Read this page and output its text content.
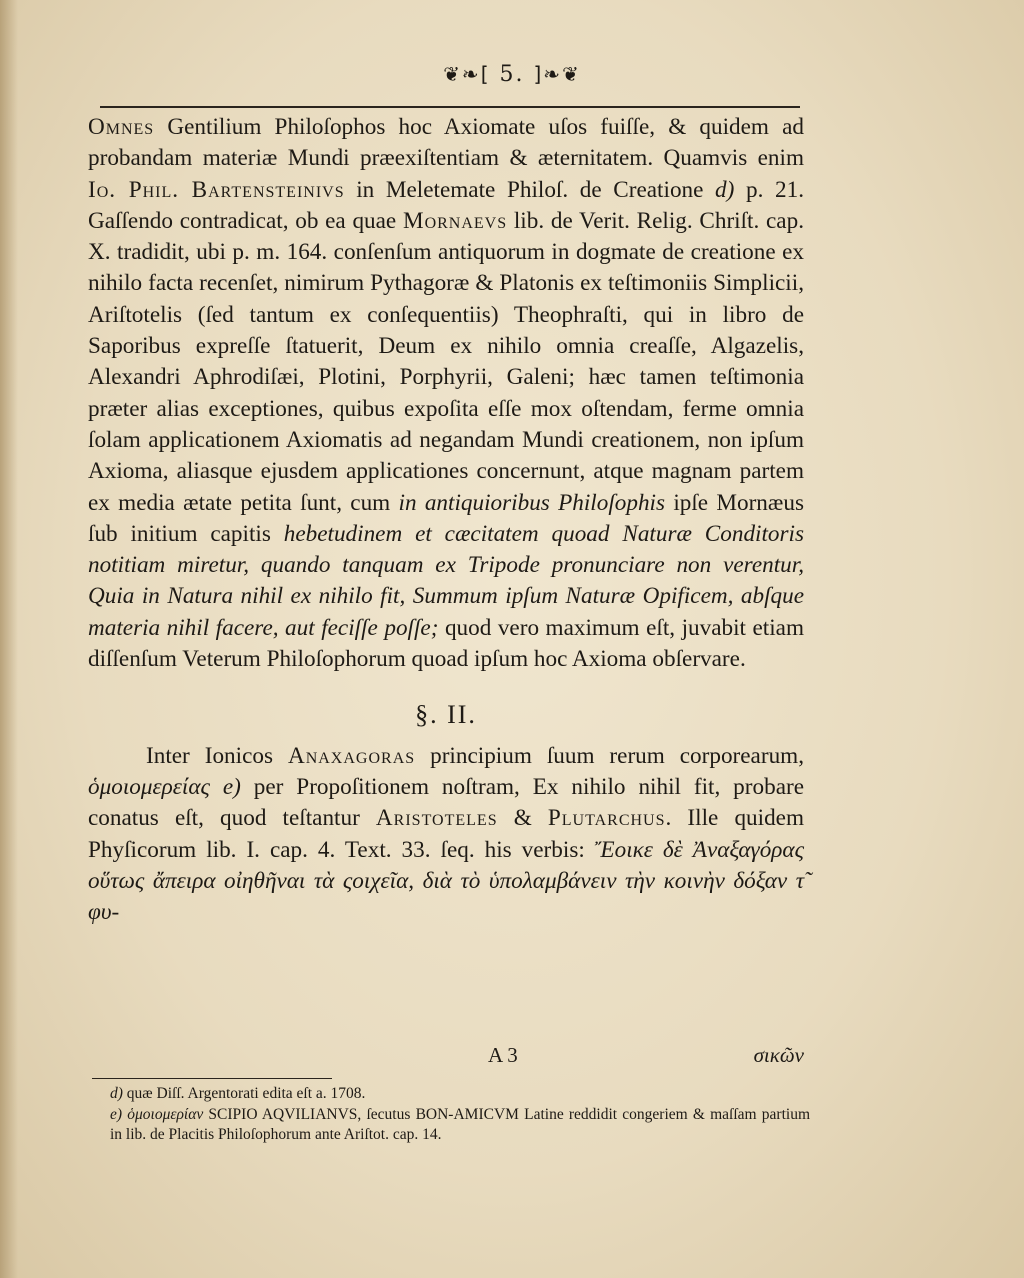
❦❧[ 5. ]❧❦

Omnes Gentilium Philoſophos hoc Axiomate uſos fuiſſe, & quidem ad probandam materiæ Mundi præexiſtentiam & æternitatem. Quamvis enim Io. Phil. Bartensteinivs in Meletemate Philoſ. de Creatione d) p. 21. Gaſſendo contradicat, ob ea quae Mornaevs lib. de Verit. Relig. Chriſt. cap. X. tradidit, ubi p. m. 164. conſenſum antiquorum in dogmate de creatione ex nihilo facta recenſet, nimirum Pythagoræ & Platonis ex teſtimoniis Simplicii, Ariſtotelis (ſed tantum ex conſequentiis) Theophraſti, qui in libro de Saporibus expreſſe ſtatuerit, Deum ex nihilo omnia creaſſe, Algazelis, Alexandri Aphrodiſæi, Plotini, Porphyrii, Galeni; hæc tamen teſtimonia præter alias exceptiones, quibus expoſita eſſe mox oſtendam, ferme omnia ſolam applicationem Axiomatis ad negandam Mundi creationem, non ipſum Axioma, aliasque ejusdem applicationes concernunt, atque magnam partem ex media ætate petita ſunt, cum in antiquioribus Philoſophis ipſe Mornæus ſub initium capitis hebetudinem et cæcitatem quoad Naturæ Conditoris notitiam miretur, quando tanquam ex Tripode pronunciare non verentur, Quia in Natura nihil ex nihilo fit, Summum ipſum Naturæ Opificem, abſque materia nihil facere, aut feciſſe poſſe; quod vero maximum eſt, juvabit etiam diſſenſum Veterum Philoſophorum quoad ipſum hoc Axioma obſervare.

§. II.

Inter Ionicos Anaxagoras principium ſuum rerum corporearum, ὁμοιομερείας e) per Propoſitionem noſtram, Ex nihilo nihil fit, probare conatus eſt, quod teſtantur Aristoteles & Plutarchus. Ille quidem Phyſicorum lib. I. cap. 4. Text. 33. ſeq. his verbis: Ἔοικε δὲ Ἀναξαγόρας οὕτως ἄπειρα οἰηθῆναι τὰ ςοιχεῖα, διὰ τὸ ὑπολαμβάνειν τὴν κοινὴν δόξαν τ̃ φυ-

A 3	σικῶν

d) quæ Diſſ. Argentorati edita eſt a. 1708.

e) ὁμοιομερίαν SCIPIO AQVILIANVS, ſecutus BON-AMICVM Latine reddidit congeriem & maſſam partium in lib. de Placitis Philoſophorum ante Ariſtot. cap. 14.
